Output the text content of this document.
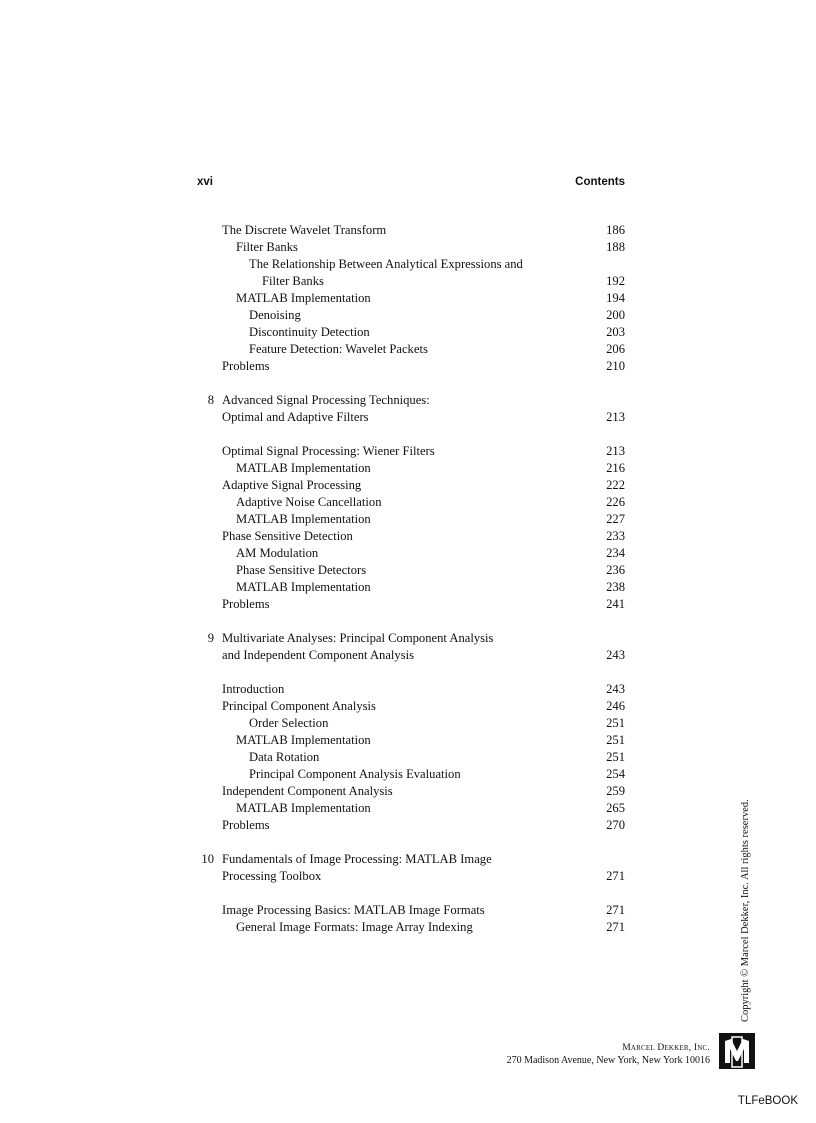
xvi	Contents
The Discrete Wavelet Transform	186
Filter Banks	188
The Relationship Between Analytical Expressions and
Filter Banks	192
MATLAB Implementation	194
Denoising	200
Discontinuity Detection	203
Feature Detection: Wavelet Packets	206
Problems	210
8 Advanced Signal Processing Techniques:
Optimal and Adaptive Filters	213
Optimal Signal Processing: Wiener Filters	213
MATLAB Implementation	216
Adaptive Signal Processing	222
Adaptive Noise Cancellation	226
MATLAB Implementation	227
Phase Sensitive Detection	233
AM Modulation	234
Phase Sensitive Detectors	236
MATLAB Implementation	238
Problems	241
9 Multivariate Analyses: Principal Component Analysis
and Independent Component Analysis	243
Introduction	243
Principal Component Analysis	246
Order Selection	251
MATLAB Implementation	251
Data Rotation	251
Principal Component Analysis Evaluation	254
Independent Component Analysis	259
MATLAB Implementation	265
Problems	270
10 Fundamentals of Image Processing: MATLAB Image
Processing Toolbox	271
Image Processing Basics: MATLAB Image Formats	271
General Image Formats: Image Array Indexing	271	Copyright © Marcel Dekker, Inc. All rights reserved.
Marcel Dekker, Inc.
270 Madison Avenue, New York, New York 10016
TLFeBOOK
